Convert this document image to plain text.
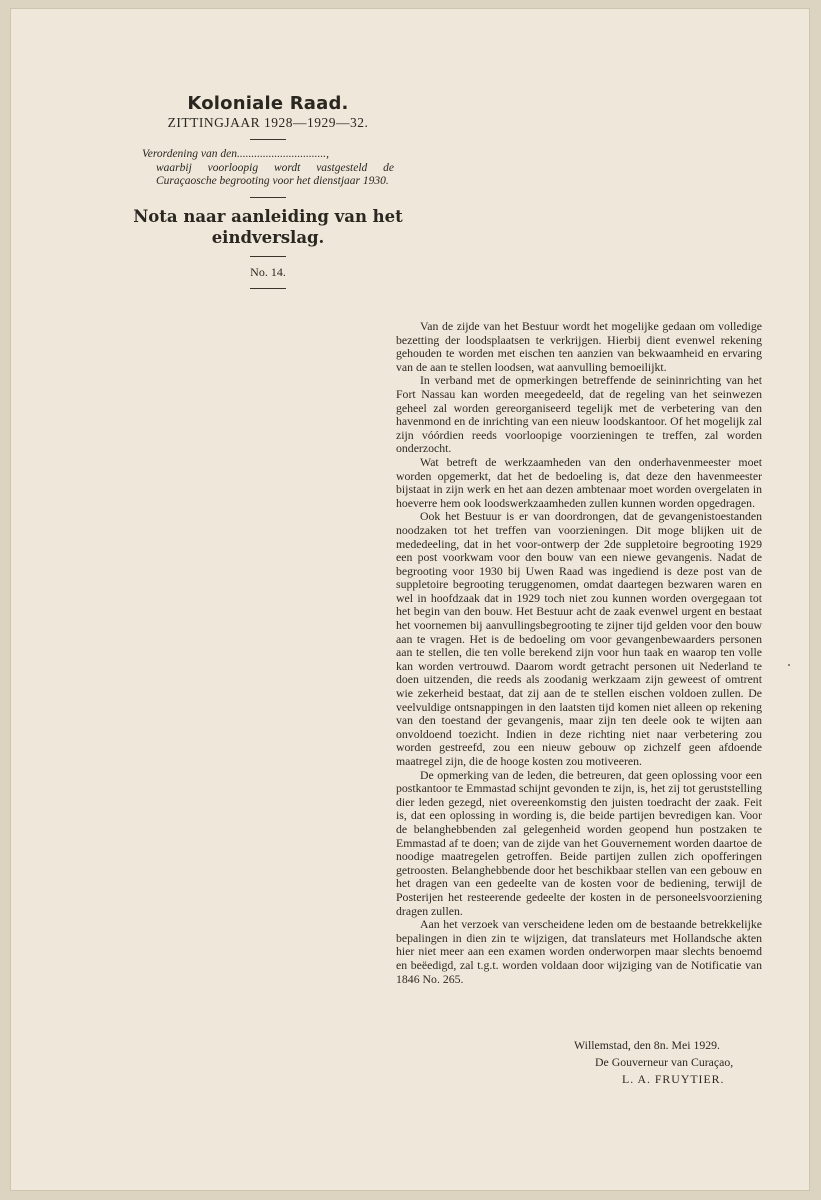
Koloniale Raad.

ZITTINGJAAR 1928—1929—32.

Verordening van den...............................,
waarbij voorloopig wordt vastgesteld de Curaçaosche begrooting voor het dienstjaar 1930.

Nota naar aanleiding van het eindverslag.

No. 14.

Van de zijde van het Bestuur wordt het mogelijke gedaan om volledige bezetting der loodsplaatsen te verkrijgen. Hierbij dient evenwel rekening gehouden te worden met eischen ten aanzien van bekwaamheid en ervaring van de aan te stellen loodsen, wat aanvulling bemoeilijkt.

In verband met de opmerkingen betreffende de seininrichting van het Fort Nassau kan worden meegedeeld, dat de regeling van het seinwezen geheel zal worden gereorganiseerd tegelijk met de verbetering van den havenmond en de inrichting van een nieuw loodskantoor. Of het mogelijk zal zijn vóórdien reeds voorloopige voorzieningen te treffen, zal worden onderzocht.

Wat betreft de werkzaamheden van den onderhavenmeester moet worden opgemerkt, dat het de bedoeling is, dat deze den havenmeester bijstaat in zijn werk en het aan dezen ambtenaar moet worden overgelaten in hoeverre hem ook loodswerkzaamheden zullen kunnen worden opgedragen.

Ook het Bestuur is er van doordrongen, dat de gevangenistoestanden noodzaken tot het treffen van voorzieningen. Dit moge blijken uit de mededeeling, dat in het voor-ontwerp der 2de suppletoire begrooting 1929 een post voorkwam voor den bouw van een niewe gevangenis. Nadat de begrooting voor 1930 bij Uwen Raad was ingediend is deze post van de suppletoire begrooting teruggenomen, omdat daartegen bezwaren waren en wel in hoofdzaak dat in 1929 toch niet zou kunnen worden overgegaan tot het begin van den bouw. Het Bestuur acht de zaak evenwel urgent en bestaat het voornemen bij aanvullingsbegrooting te zijner tijd gelden voor den bouw aan te vragen. Het is de bedoeling om voor gevangenbewaarders personen aan te stellen, die ten volle berekend zijn voor hun taak en waarop ten volle kan worden vertrouwd. Daarom wordt getracht personen uit Nederland te doen uitzenden, die reeds als zoodanig werkzaam zijn geweest of omtrent wie zekerheid bestaat, dat zij aan de te stellen eischen voldoen zullen. De veelvuldige ontsnappingen in den laatsten tijd komen niet alleen op rekening van den toestand der gevangenis, maar zijn ten deele ook te wijten aan onvoldoend toezicht. Indien in deze richting niet naar verbetering zou worden gestreefd, zou een nieuw gebouw op zichzelf geen afdoende maatregel zijn, die de hooge kosten zou motiveeren.

De opmerking van de leden, die betreuren, dat geen oplossing voor een postkantoor te Emmastad schijnt gevonden te zijn, is, het zij tot geruststelling dier leden gezegd, niet overeenkomstig den juisten toedracht der zaak. Feit is, dat een oplossing in wording is, die beide partijen bevredigen kan. Voor de belanghebbenden zal gelegenheid worden geopend hun postzaken te Emmastad af te doen; van de zijde van het Gouvernement worden daartoe de noodige maatregelen getroffen. Beide partijen zullen zich opofferingen getroosten. Belanghebbende door het beschikbaar stellen van een gebouw en het dragen van een gedeelte van de kosten voor de bediening, terwijl de Posterijen het resteerende gedeelte der kosten in de personeelsvoorziening dragen zullen.

Aan het verzoek van verscheidene leden om de bestaande betrekkelijke bepalingen in dien zin te wijzigen, dat translateurs met Hollandsche akten hier niet meer aan een examen worden onderworpen maar slechts benoemd en beëedigd, zal t.g.t. worden voldaan door wijziging van de Notificatie van 1846 No. 265.

Willemstad, den 8n. Mei 1929.

De Gouverneur van Curaçao,

L. A. FRUYTIER.
